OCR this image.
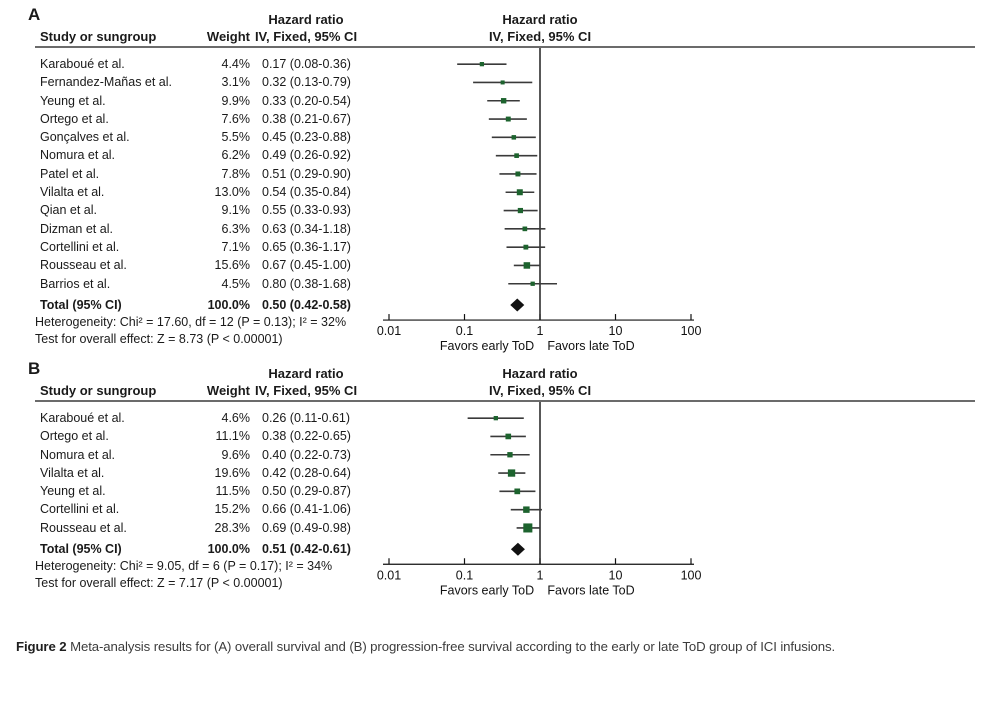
A	Hazard ratio	Hazard ratio
Study or sungroup	Weight IV, Fixed, 95% CI	IV, Fixed, 95% CI
Karaboué et al.	4.4% 0.17 (0.08-0.36)
Fernandez-Mañas et al.	3.1% 0.32 (0.13-0.79)
Yeung et al.	9.9% 0.33 (0.20-0.54)
Ortego et al.	7.6% 0.38 (0.21-0.67)
Gonçalves et al.	5.5% 0.45 (0.23-0.88)
Nomura et al.	6.2% 0.49 (0.26-0.92)
Patel et al.	7.8% 0.51 (0.29-0.90)
Vilalta et al.	13.0% 0.54 (0.35-0.84)
Qian et al.	9.1% 0.55 (0.33-0.93)
Dizman et al.	6.3% 0.63 (0.34-1.18)
Cortellini et al.	7.1% 0.65 (0.36-1.17)
Rousseau et al.	15.6% 0.67 (0.45-1.00)
Barrios et al.	4.5% 0.80 (0.38-1.68)
Total (95% CI)	100.0% 0.50 (0.42-0.58)
Heterogeneity: Chi² = 17.60, df = 12 (P = 0.13); I² = 32%
Test for overall effect: Z = 8.73 (P < 0.00001)
0.01	0.1	1	10	100
Favors early ToD Favors late ToD
B	Hazard ratio	Hazard ratio
Study or sungroup	Weight IV, Fixed, 95% CI	IV, Fixed, 95% CI
Karaboué et al.	4.6% 0.26 (0.11-0.61)
Ortego et al.	11.1% 0.38 (0.22-0.65)
Nomura et al.	9.6% 0.40 (0.22-0.73)
Vilalta et al.	19.6% 0.42 (0.28-0.64)
Yeung et al.	11.5% 0.50 (0.29-0.87)
Cortellini et al.	15.2% 0.66 (0.41-1.06)
Rousseau et al.	28.3% 0.69 (0.49-0.98)
Total (95% CI)	100.0% 0.51 (0.42-0.61)
Heterogeneity: Chi² = 9.05, df = 6 (P = 0.17); I² = 34%
Test for overall effect: Z = 7.17 (P < 0.00001)
0.01	0.1	1	10	100
Favors early ToD Favors late ToD

Figure 2 Meta-analysis results for (A) overall survival and (B) progression-free survival according to the early or late ToD group of ICI infusions.
